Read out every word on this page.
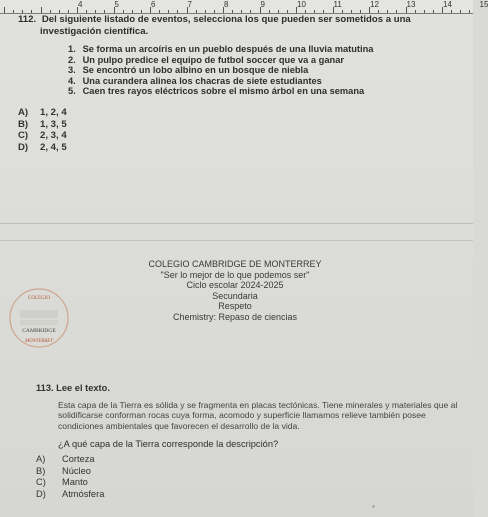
4	5	6	7	8	9	10	11	12	13	14	15
112. Del siguiente listado de eventos, selecciona los que pueden ser sometidos a una
investigación científica.
1. Se forma un arcoíris en un pueblo después de una lluvia matutina
2. Un pulpo predice el equipo de futbol soccer que va a ganar
3. Se encontró un lobo albino en un bosque de niebla
4. Una curandera alinea los chacras de siete estudiantes
5. Caen tres rayos eléctricos sobre el mismo árbol en una semana
A) 1, 2, 4
B) 1, 3, 5
C) 2, 3, 4
D) 2, 4, 5
COLEGIO
CAMBRIDGE
MONTERREY
COLEGIO CAMBRIDGE DE MONTERREY
"Ser lo mejor de lo que podemos ser"
Ciclo escolar 2024-2025
Secundaria
Respeto
Chemistry: Repaso de ciencias
113. Lee el texto.
Esta capa de la Tierra es sólida y se fragmenta en placas tectónicas. Tiene minerales y materiales que al solidificarse conforman rocas cuya forma, acomodo y superficie llamamos relieve también posee condiciones ambientales que favorecen el desarrollo de la vida.
¿A qué capa de la Tierra corresponde la descripción?
A) Corteza
B) Núcleo
C) Manto
D) Atmósfera
